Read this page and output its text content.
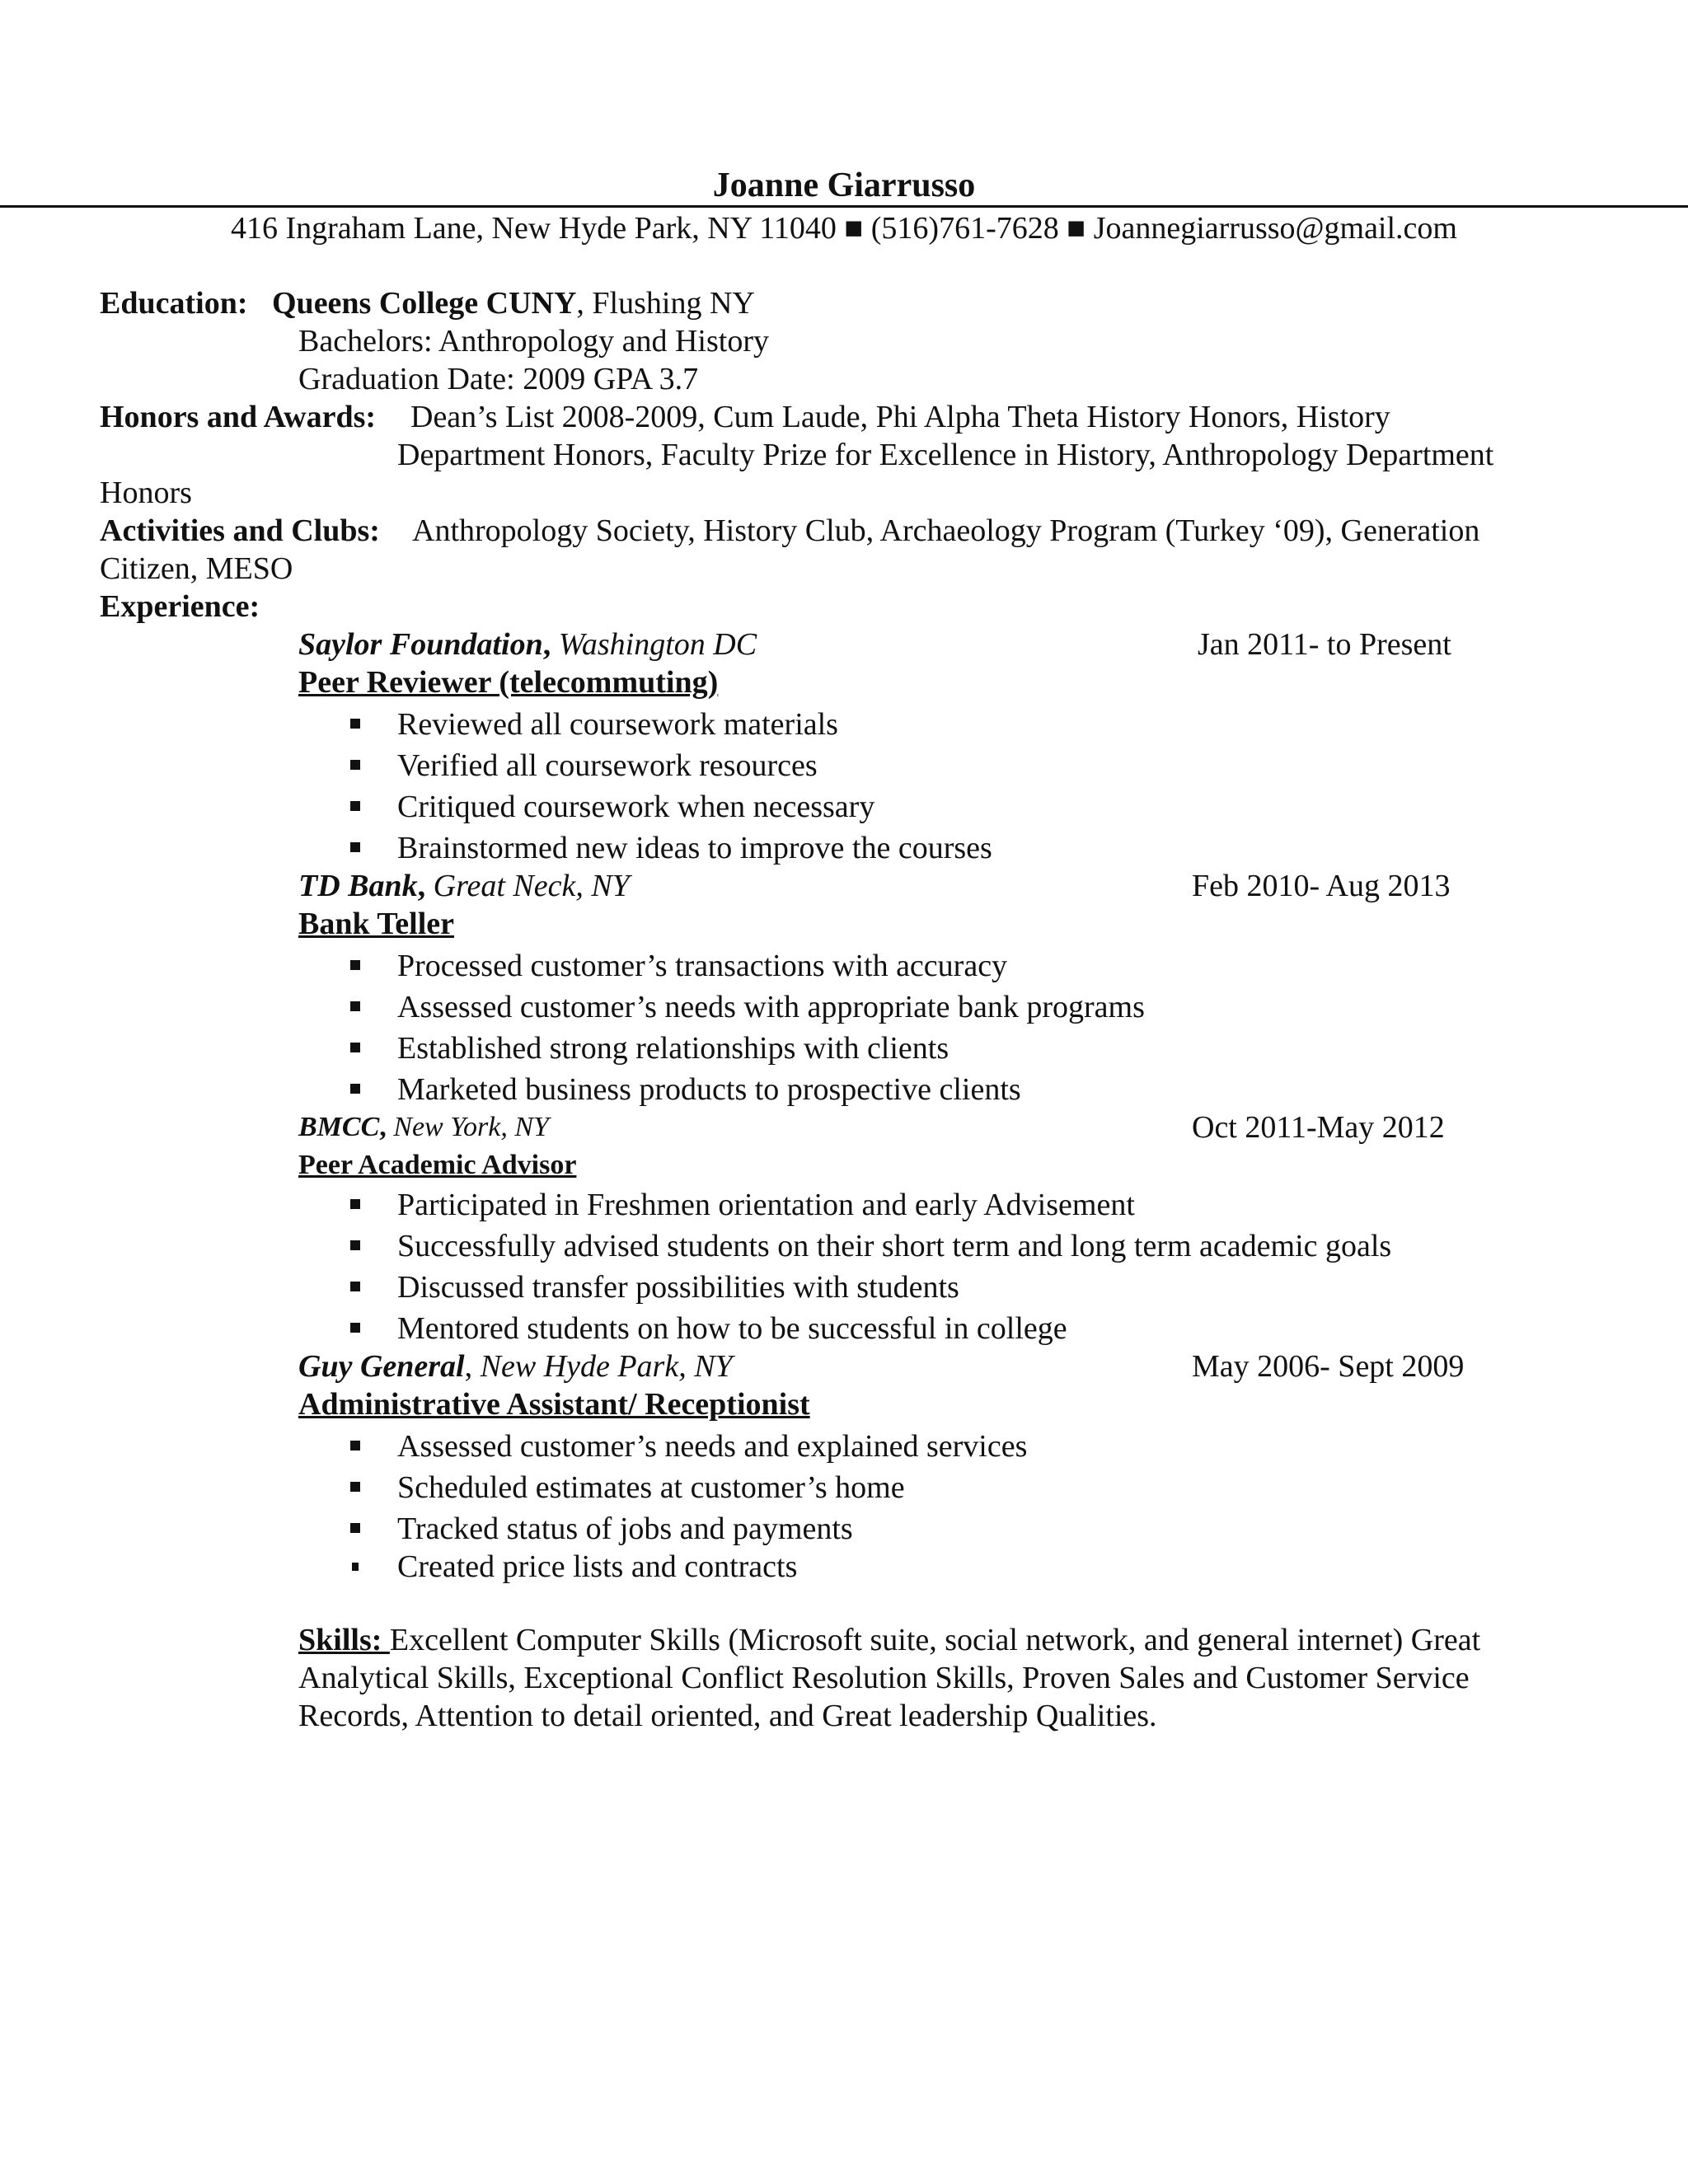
Joanne Giarrusso
416 Ingraham Lane, New Hyde Park, NY 11040 ■ (516)761-7628 ■ Joannegiarrusso@gmail.com
Education: Queens College CUNY, Flushing NY
Bachelors: Anthropology and History
Graduation Date: 2009 GPA 3.7
Honors and Awards: Dean’s List 2008-2009, Cum Laude, Phi Alpha Theta History Honors, History
Department Honors, Faculty Prize for Excellence in History, Anthropology Department
Honors
Activities and Clubs: Anthropology Society, History Club, Archaeology Program (Turkey ‘09), Generation
Citizen, MESO
Experience:
Saylor Foundation, Washington DC	Jan 2011- to Present
Peer Reviewer (telecommuting)
Reviewed all coursework materials
Verified all coursework resources
Critiqued coursework when necessary
Brainstormed new ideas to improve the courses
TD Bank, Great Neck, NY	Feb 2010- Aug 2013
Bank Teller
Processed customer’s transactions with accuracy
Assessed customer’s needs with appropriate bank programs
Established strong relationships with clients
Marketed business products to prospective clients
BMCC, New York, NY	Oct 2011-May 2012
Peer Academic Advisor
Participated in Freshmen orientation and early Advisement
Successfully advised students on their short term and long term academic goals
Discussed transfer possibilities with students
Mentored students on how to be successful in college
Guy General, New Hyde Park, NY	May 2006- Sept 2009
Administrative Assistant/ Receptionist
Assessed customer’s needs and explained services
Scheduled estimates at customer’s home
Tracked status of jobs and payments
Created price lists and contracts
Skills: Excellent Computer Skills (Microsoft suite, social network, and general internet) Great Analytical Skills, Exceptional Conflict Resolution Skills, Proven Sales and Customer Service Records, Attention to detail oriented, and Great leadership Qualities.
